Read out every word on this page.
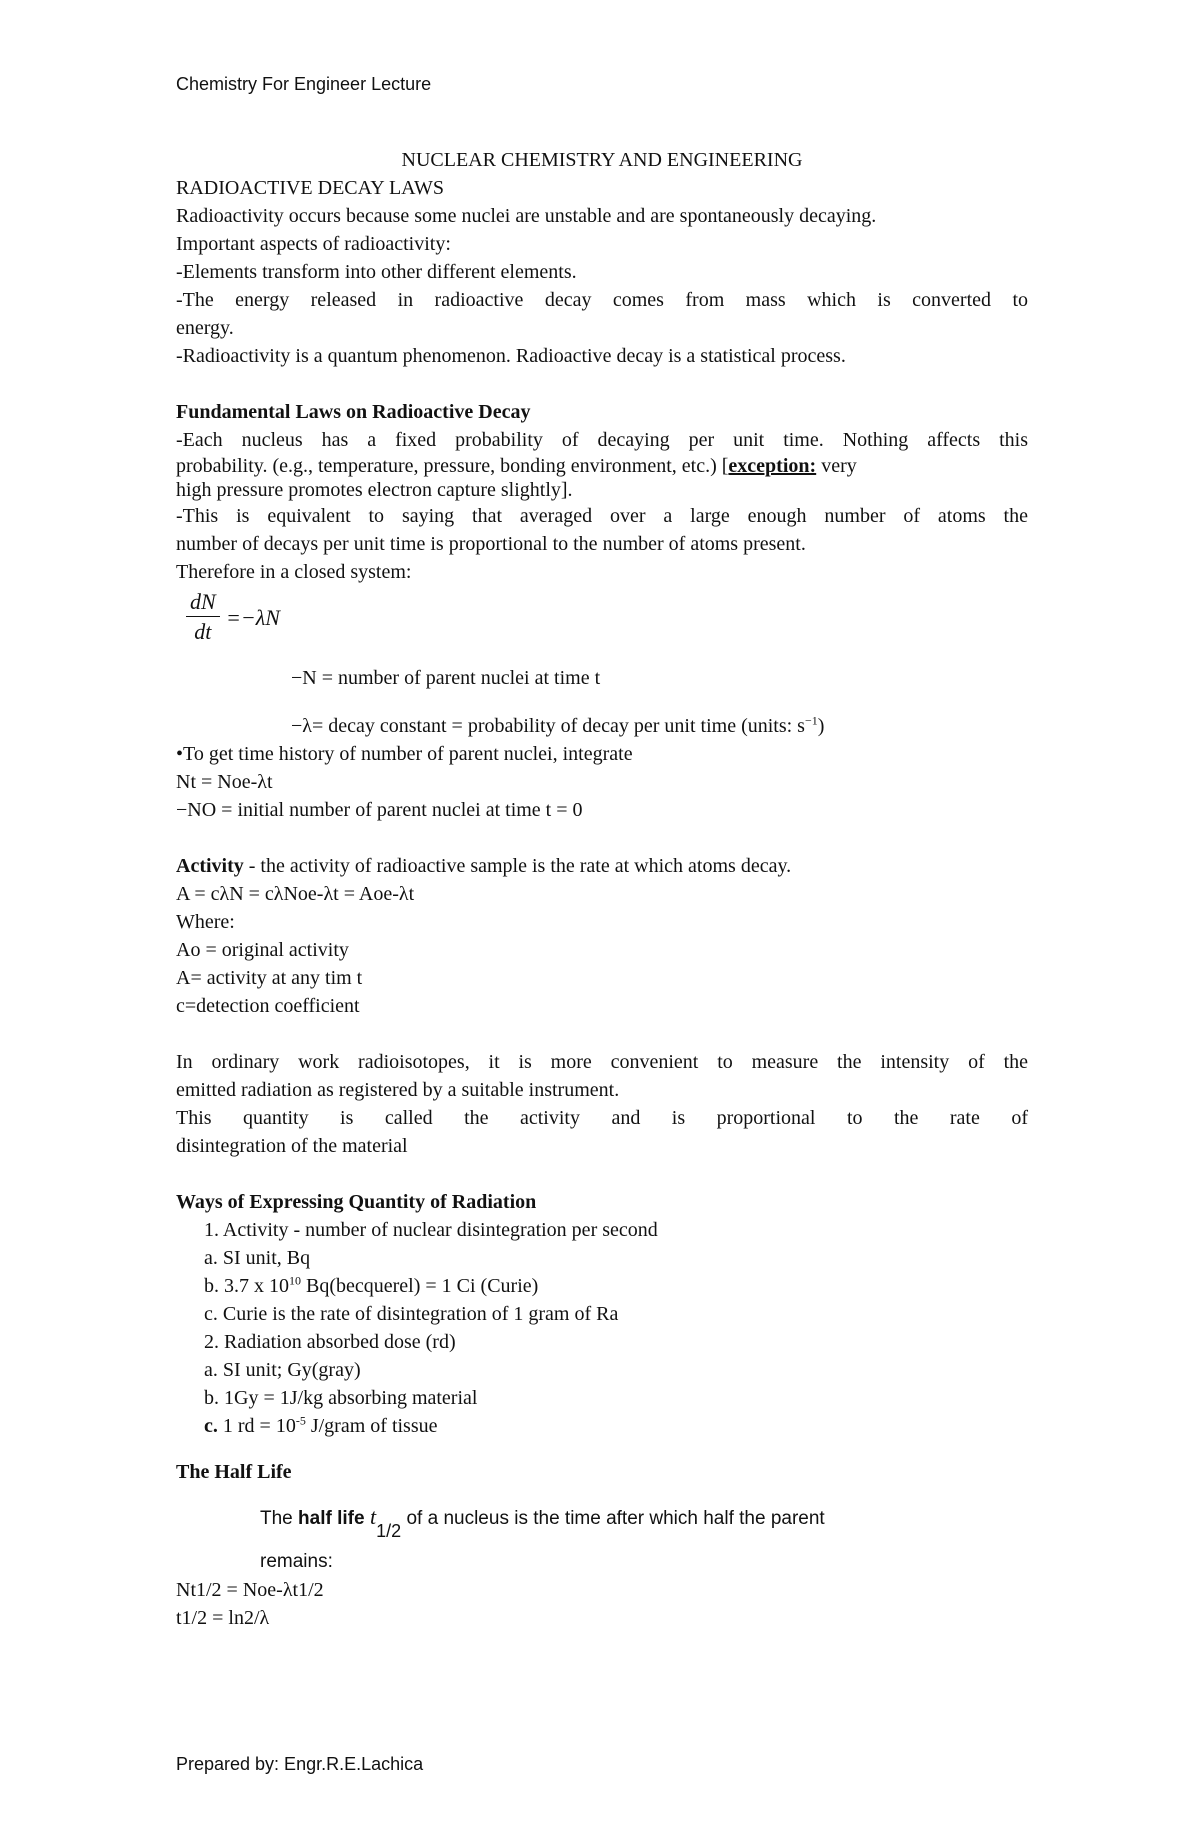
Chemistry For Engineer Lecture
NUCLEAR CHEMISTRY AND ENGINEERING
RADIOACTIVE DECAY LAWS
Radioactivity occurs because some nuclei are unstable and are spontaneously decaying.
Important aspects of radioactivity:
-Elements transform into other different elements.
-The energy released in radioactive decay comes from mass which is converted to
energy.
-Radioactivity is a quantum phenomenon. Radioactive decay is a statistical process.
Fundamental Laws on Radioactive Decay
-Each nucleus has a fixed probability of decaying per unit time. Nothing affects this
probability. (e.g., temperature, pressure, bonding environment, etc.) [exception: very
high pressure promotes electron capture slightly].
-This is equivalent to saying that averaged over a large enough number of atoms the
number of decays per unit time is proportional to the number of atoms present.
Therefore in a closed system:
$\frac{dN}{dt} =-\lambda N$
−N = number of parent nuclei at time t
−λ= decay constant = probability of decay per unit time (units: $s^{-1}$)
•To get time history of number of parent nuclei, integrate
Nt = Noe-λt
−NO = initial number of parent nuclei at time t = 0
Activity - the activity of radioactive sample is the rate at which atoms decay.
A = cλN = cλNoe-λt = Aoe-λt
Where:
Ao = original activity
A= activity at any tim t
c=detection coefficient
In ordinary work radioisotopes, it is more convenient to measure the intensity of the
emitted radiation as registered by a suitable instrument.
This quantity is called the activity and is proportional to the rate of
disintegration of the material
Ways of Expressing Quantity of Radiation
1. Activity - number of nuclear disintegration per second
a. SI unit, Bq
b. 3.7 x $10^{10}$ Bq(becquerel) = 1 Ci (Curie)
c. Curie is the rate of disintegration of 1 gram of Ra
2. Radiation absorbed dose (rd)
a. SI unit; Gy(gray)
b. 1Gy = 1J/kg absorbing material
c. 1 rd = $10^{-5}$ J/gram of tissue
The Half Life
The half life $t_{1/2}$ of a nucleus is the time after which half the parent
remains:
Nt1/2 = Noe-λt1/2
t1/2 = ln2/λ
Prepared by: Engr.R.E.Lachica
